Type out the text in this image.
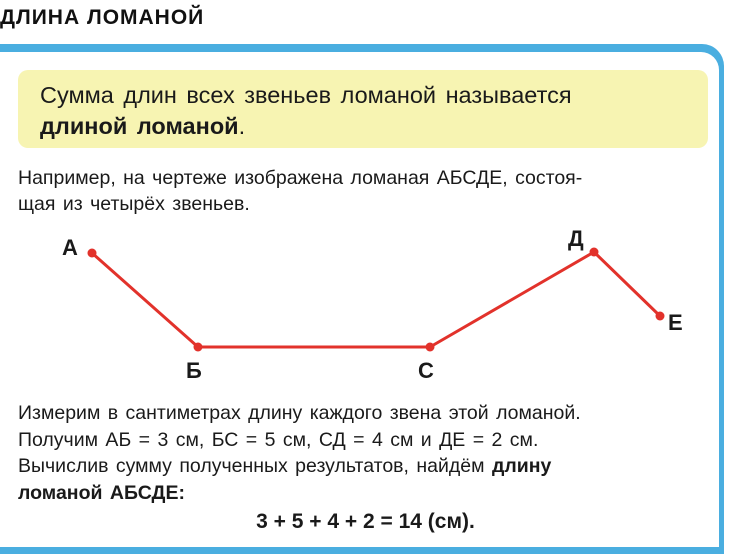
ДЛИНА ЛОМАНОЙ
Сумма длин всех звеньев ломаной называется
длиной ломаной.
Например, на чертеже изображена ломаная АБСДЕ, состоя-
щая из четырёх звеньев.
А
Б	С
Д
Е
Измерим в сантиметрах длину каждого звена этой ломаной.
Получим АБ = 3 см, БС = 5 см, СД = 4 см и ДЕ = 2 см.
Вычислив сумму полученных результатов, найдём длину
ломаной АБСДЕ:
3 + 5 + 4 + 2 = 14 (см).
